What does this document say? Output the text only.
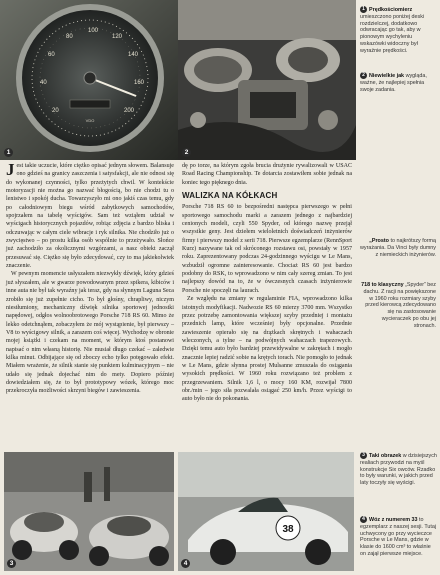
20
40
60
80
100
120
140
160
200
VDO
1	2

Jest takie uczucie, które ciężko opisać jednym słowem. Balansuje ono gdzieś na granicy zaszczenia i satysfakcji, ale nie odnosi się do wykonanej czynności, tylko przeżytych chwil. W kontekście motoryzacji nie można go nazwać błogością, bo nie chodzi tu o lenistwo i spokój ducha. Towarzyszyło mi ono jakiś czas temu, gdy po całodniowym biegu wśród zabytkowych samochodów, spojrzałem na tabelę wyścigów. Sam też wziąłem udział w wyścigach historycznych pojazdów, robiąc zdjęcia z bardzo bliska i odczuwając w całym ciele wibracje i ryk silnika. Nie chodziło już o zwycięstwo – po prostu kilka osób wspólnie to przeżywało. Słońce już zachodziło za okolicznymi wzgórzami, a nasz obiekt zaczął przesuwać się. Ciężko się było zdecydować, czy to ma jakiekolwiek znaczenie.

W pewnym momencie usłyszałem niezwykły dźwięk, który gdzieś już słyszałem, ale w gwarze powodowanym przez spikera, kibiców i inne auta nie był tak wyraźny jak teraz, gdy na słynnym Laguna Seca zrobiło się już zupełnie cicho. To był głośny, chrapliwy, niczym niestłumiony, mechaniczny dźwięk silnika sportowej jednostki napędowej, odgłos wolnoobrotowego Porsche 718 RS 60. Mimo że lekko odetchnąłem, zobaczyłem że mój wystąpienie, był pierwszy – V8 to wyścigowy silnik, a zarazem coś więcej. Wychodzę w obronie mojej książki i czekam na moment, w którym ktoś postanowi napisać o nim własną historię. Nie musiał długo czekać – zaledwie kilka minut. Odbijające się od zboczy echo tylko potęgowało efekt. Miałem wrażenie, że silnik stanie się punktem kulminacyjnym – nie udało się jednak dojechać nim do mety. Dopiero później dowiedziałem się, że to był prototypowy wózek, którego moc przekroczyła możliwości skrzyni biegów i zawieszenia.

dę po torze, na którym zgoła brucia drużynie rywalizowali w USAC Road Racing Championship. Te dotarcia zostawiłem sobie jednak na koniec tego pięknego dnia.

WALIZKA NA KÓŁKACH

Porsche 718 RS 60 to bezpośredni następca pierwszego w pełni sportowego samochodu marki a zarazem jednego z najbardziej cenionych modeli, czyli 550 Spyder, od którego nazwę przejął wszystkie geny. Jest dziełem wieloletnich doświadczeń inżynierów firmy i pierwszy model z serii 718. Pierwsze egzemplarze (RennSport Kurz) nazywane tak od skróconego rozstawu osi, powstały w 1957 roku. Zaprezentowany podczas 24-godzinnego wyścigu w Le Mans, wzbudził ogromne zainteresowanie. Chociaż RS 60 jest bardzo podobny do RSK, to wprowadzono w nim cały szereg zmian. To jest najlepszy dowód na to, że w ówczesnych czasach inżynierowie Porsche nie spoczęli na laurach.

Ze względu na zmiany w regulaminie FIA, wprowadzono kilka istotnych modyfikacji. Nadwozie RS 60 mierzy 3700 mm. Wszystko przez potrzebę zamontowania większej szyby przedniej i montażu przednich lamp, które wcześniej były opcjonalne. Przednie zawieszenie opierało się na drążkach skrętnych i wahaczach wleczonych, a tylne – na podwójnych wahaczach trapezowych. Dzięki temu auto było bardziej przewidywalne w zakrętach i mogło znacznie lepiej radzić sobie na krętych torach. Nie pomogło to jednak w Le Mans, gdzie słynna prostej Mulsanne zmuszała do osiągania wysokich prędkości. W 1960 roku rozwiązano też problem z przegrzewaniem. Silnik 1,6 l, o mocy 160 KM, rozwijał 7800 obr./min – jego siła pozwalała osiągać 250 km/h. Przez wyścigi to auto było nie do pokonania.

3
38
4
1 Prędkościomierz umieszczono poniżej deski rozdzielczej, dodatkowo odwracając go tak, aby w pionowym wychyleniu wskazówki widoczny był wyraźnie prędkości.
2 Niewielkie jak wygląda, ważne, że najlepiej spełnia swoje zadania.
„Prosto to najkrótszy formą wyrażania. Da Vinci były dumny z niemieckich inżynierów.
718 to klasyczny „Spyder” bez dachu. Z racji na powiększone w 1960 roku rozmiary szyby przed kierowcą zdecydowano się na zastosowanie wycieraczek po obu jej stronach.
3 Taki obrazek w dzisiejszych realiach przywodzi na myśl konstrukcje Six owców. Rzadko to były warunki, w jakich przed laty toczyły się wyścigi.
4 Wóz z numerem 33 to egzemplarz z naszej sesji. Tutaj uchwycony go przy wycieczce Porsche w Le Mans, gdzie w klasie do 1600 cm³ to właśnie on zajął pierwsze miejsce.
